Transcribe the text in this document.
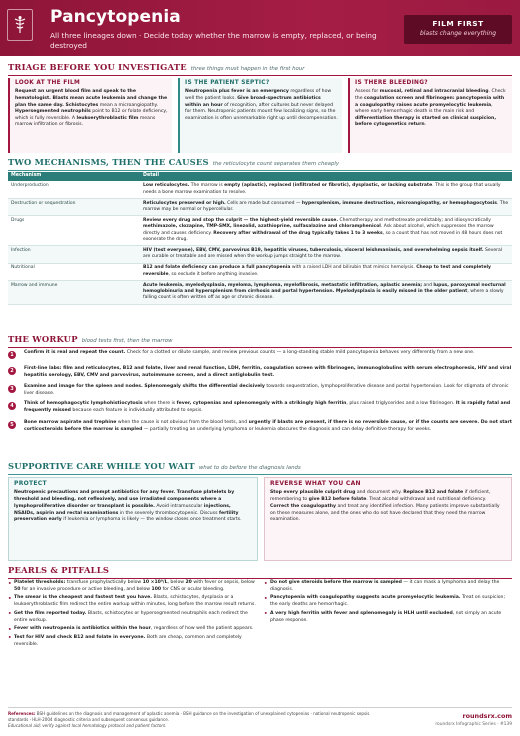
Pancytopenia
All three lineages down · Decide today whether the marrow is empty, replaced, or being destroyed
FILM FIRST
blasts change everything
TRIAGE BEFORE YOU INVESTIGATE three things must happen in the first hour
LOOK AT THE FILM

Request an urgent blood film and speak to the hematologist. Blasts mean acute leukemia and change the plan the same day. Schistocytes mean a microangiopathy. Hypersegmented neutrophils point to B12 or folate deficiency, which is fully reversible. A leukoerythroblastic film means marrow infiltration or fibrosis.

IS THE PATIENT SEPTIC?

Neutropenia plus fever is an emergency regardless of how well the patient looks. Give broad-spectrum antibiotics within an hour of recognition, after cultures but never delayed for them. Neutropenic patients mount few localizing signs, so the examination is often unremarkable right up until decompensation.

IS THERE BLEEDING?

Assess for mucosal, retinal and intracranial bleeding. Check the coagulation screen and fibrinogen: pancytopenia with a coagulopathy raises acute promyelocytic leukemia, where early hemorrhagic death is the main risk and differentiation therapy is started on clinical suspicion, before cytogenetics return.

TWO MECHANISMS, THEN THE CAUSES the reticulocyte count separates them cheaply
Mechanism	Detail
Underproduction	Low reticulocytes. The marrow is empty (aplastic), replaced (infiltrated or fibrotic), dysplastic, or lacking substrate. This is the group that usually needs a bone marrow examination to resolve.
Destruction or sequestration	Reticulocytes preserved or high. Cells are made but consumed — hypersplenism, immune destruction, microangiopathy, or hemophagocytosis. The marrow may be normal or hypercellular.
Drugs	Review every drug and stop the culprit — the highest-yield reversible cause. Chemotherapy and methotrexate predictably; and idiosyncratically methimazole, clozapine, TMP-SMX, linezolid, azathioprine, sulfasalazine and chloramphenicol. Ask about alcohol, which suppresses the marrow directly and causes deficiency. Recovery after withdrawal of the drug typically takes 1 to 3 weeks, so a count that has not moved in 48 hours does not exonerate the drug.
Infection	HIV (test everyone), EBV, CMV, parvovirus B19, hepatitis viruses, tuberculosis, visceral leishmaniasis, and overwhelming sepsis itself. Several are curable or treatable and are missed when the workup jumps straight to the marrow.
Nutritional	B12 and folate deficiency can produce a full pancytopenia with a raised LDH and bilirubin that mimics hemolysis. Cheap to test and completely reversible, so exclude it before anything invasive.
Marrow and immune	Acute leukemia, myelodysplasia, myeloma, lymphoma, myelofibrosis, metastatic infiltration, aplastic anemia; and lupus, paroxysmal nocturnal hemoglobinuria and hypersplenism from cirrhosis and portal hypertension. Myelodysplasia is easily missed in the older patient, where a slowly falling count is often written off as age or chronic disease.
THE WORKUP blood tests first, then the marrow
1	Confirm it is real and repeat the count. Check for a clotted or dilute sample, and review previous counts — a long-standing stable mild pancytopenia behaves very differently from a new one.
2	First-line labs: film and reticulocytes, B12 and folate, liver and renal function, LDH, ferritin, coagulation screen with fibrinogen, immunoglobulins with serum electrophoresis, HIV and viral hepatitis serology, EBV, CMV and parvovirus, autoimmune screen, and a direct antiglobulin test.
3	Examine and image for the spleen and nodes. Splenomegaly shifts the differential decisively towards sequestration, lymphoproliferative disease and portal hypertension. Look for stigmata of chronic liver disease.
4	Think of hemophagocytic lymphohistiocytosis when there is fever, cytopenias and splenomegaly with a strikingly high ferritin, plus raised triglycerides and a low fibrinogen. It is rapidly fatal and frequently missed because each feature is individually attributed to sepsis.
5	Bone marrow aspirate and trephine when the cause is not obvious from the blood tests, and urgently if blasts are present, if there is no reversible cause, or if the counts are severe. Do not start corticosteroids before the marrow is sampled — partially treating an underlying lymphoma or leukemia obscures the diagnosis and can delay definitive therapy for weeks.
SUPPORTIVE CARE WHILE YOU WAIT what to do before the diagnosis lands
PROTECT

Neutropenic precautions and prompt antibiotics for any fever. Transfuse platelets by threshold and bleeding, not reflexively, and use irradiated components where a lymphoproliferative disorder or transplant is possible. Avoid intramuscular injections, NSAIDs, aspirin and rectal examinations in the severely thrombocytopenic. Discuss fertility preservation early if leukemia or lymphoma is likely — the window closes once treatment starts.

REVERSE WHAT YOU CAN

Stop every plausible culprit drug and document why. Replace B12 and folate if deficient, remembering to give B12 before folate. Treat alcohol withdrawal and nutritional deficiency. Correct the coagulopathy and treat any identified infection. Many patients improve substantially on these measures alone, and the ones who do not have declared that they need the marrow examination.

PEARLS & PITFALLS
• Platelet thresholds: transfuse prophylactically below 10 ×10⁹/L, below 20 with fever or sepsis, below 50 for an invasive procedure or active bleeding, and below 100 for CNS or ocular bleeding.
• The smear is the cheapest and fastest test you have. Blasts, schistocytes, dysplasia or a leukoerythroblastic film redirect the entire workup within minutes, long before the marrow result returns.
• Get the film reported today. Blasts, schistocytes or hypersegmented neutrophils each redirect the entire workup.
• Fever with neutropenia is antibiotics within the hour, regardless of how well the patient appears.
• Test for HIV and check B12 and folate in everyone. Both are cheap, common and completely reversible.
• Do not give steroids before the marrow is sampled — it can mask a lymphoma and delay the diagnosis.
• Pancytopenia with coagulopathy suggests acute promyelocytic leukemia. Treat on suspicion; the early deaths are hemorrhagic.
• A very high ferritin with fever and splenomegaly is HLH until excluded, not simply an acute phase response.
References: BSH guidelines on the diagnosis and management of aplastic anemia · BSH guidance on the investigation of unexplained cytopenias · national neutropenic sepsis standards · HLH-2004 diagnostic criteria and subsequent consensus guidance.
Educational aid; verify against local hematology protocol and patient factors.
roundsrx.com
roundsrx Infographic Series · #139
